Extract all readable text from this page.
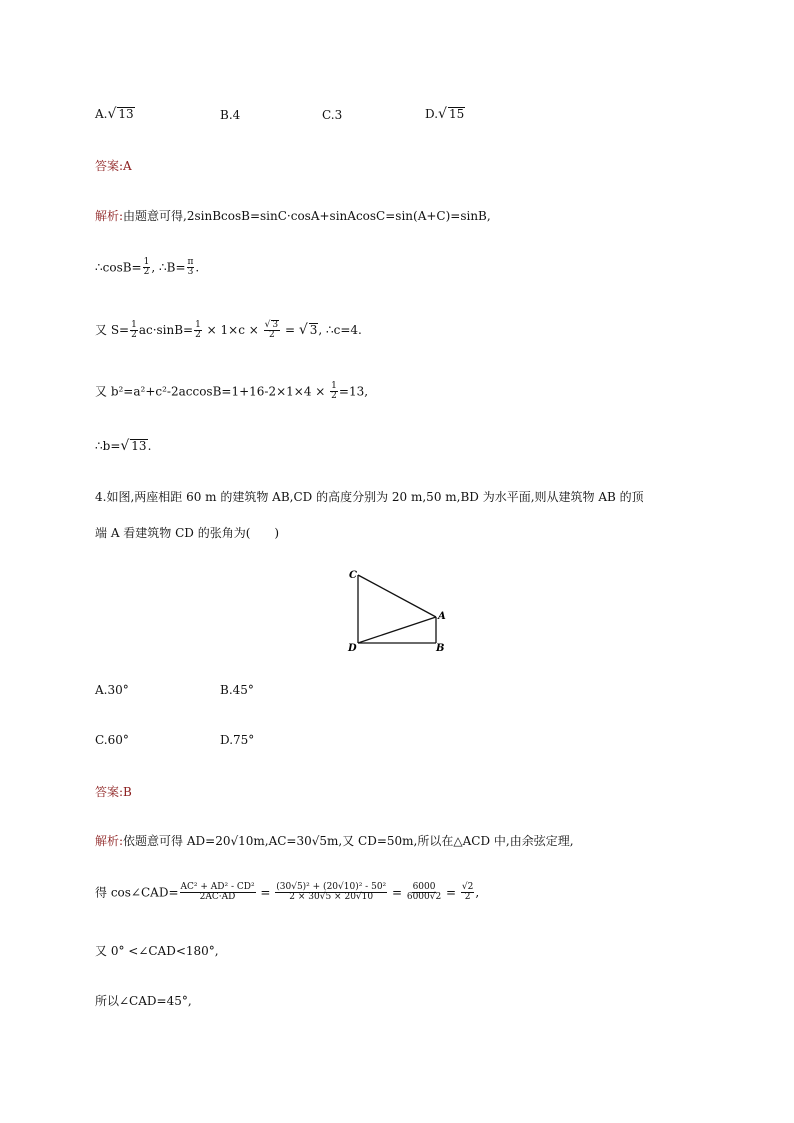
A.√ 13	B.4	C.3	D.√ 15
答案:A
解析:由题意可得,2sinBcosB=sinC·cosA+sinAcosC=sin(A+C)=sinB,
∴cosB= $\frac{1}{2}$ , ∴B= $\frac{\pi}{3}$ .
又 $S= \frac{1}{2} ac\cdot\sin B= \frac{1}{2} \times 1\times c \times \frac{√ 3}{2}$ = √ 3, ∴c=4.
又 $b^2=a^2+c^2-2accosB=1+16-2\times 1\times 4 \times \frac{1}{2} =13$,
∴b=√ 13.
4.如图,两座相距 60 m 的建筑物 AB,CD 的高度分别为 20 m,50 m,BD 为水平面,则从建筑物 AB 的顶
端 A 看建筑物 CD 的张角为(　　)
C
A
D	B
A.30°	B.45°
C.60°	D.75°
答案:B
解析:依题意可得 AD=20√10m,AC=30√5m,又 CD=50m,所以在△ACD 中,由余弦定理,
得 cos∠CAD= $\frac{\text{AC² + AD² - CD²}}{2AC\cdot AD} = \frac{\text{(30√5)² + (20√10)² - 50²}}{2 \times 30√5 \times 20√10} = \frac{6000}{6000√2} = \frac{√2}{2}$ ,
又 0° <∠CAD<180°,
所以∠CAD=45°,
